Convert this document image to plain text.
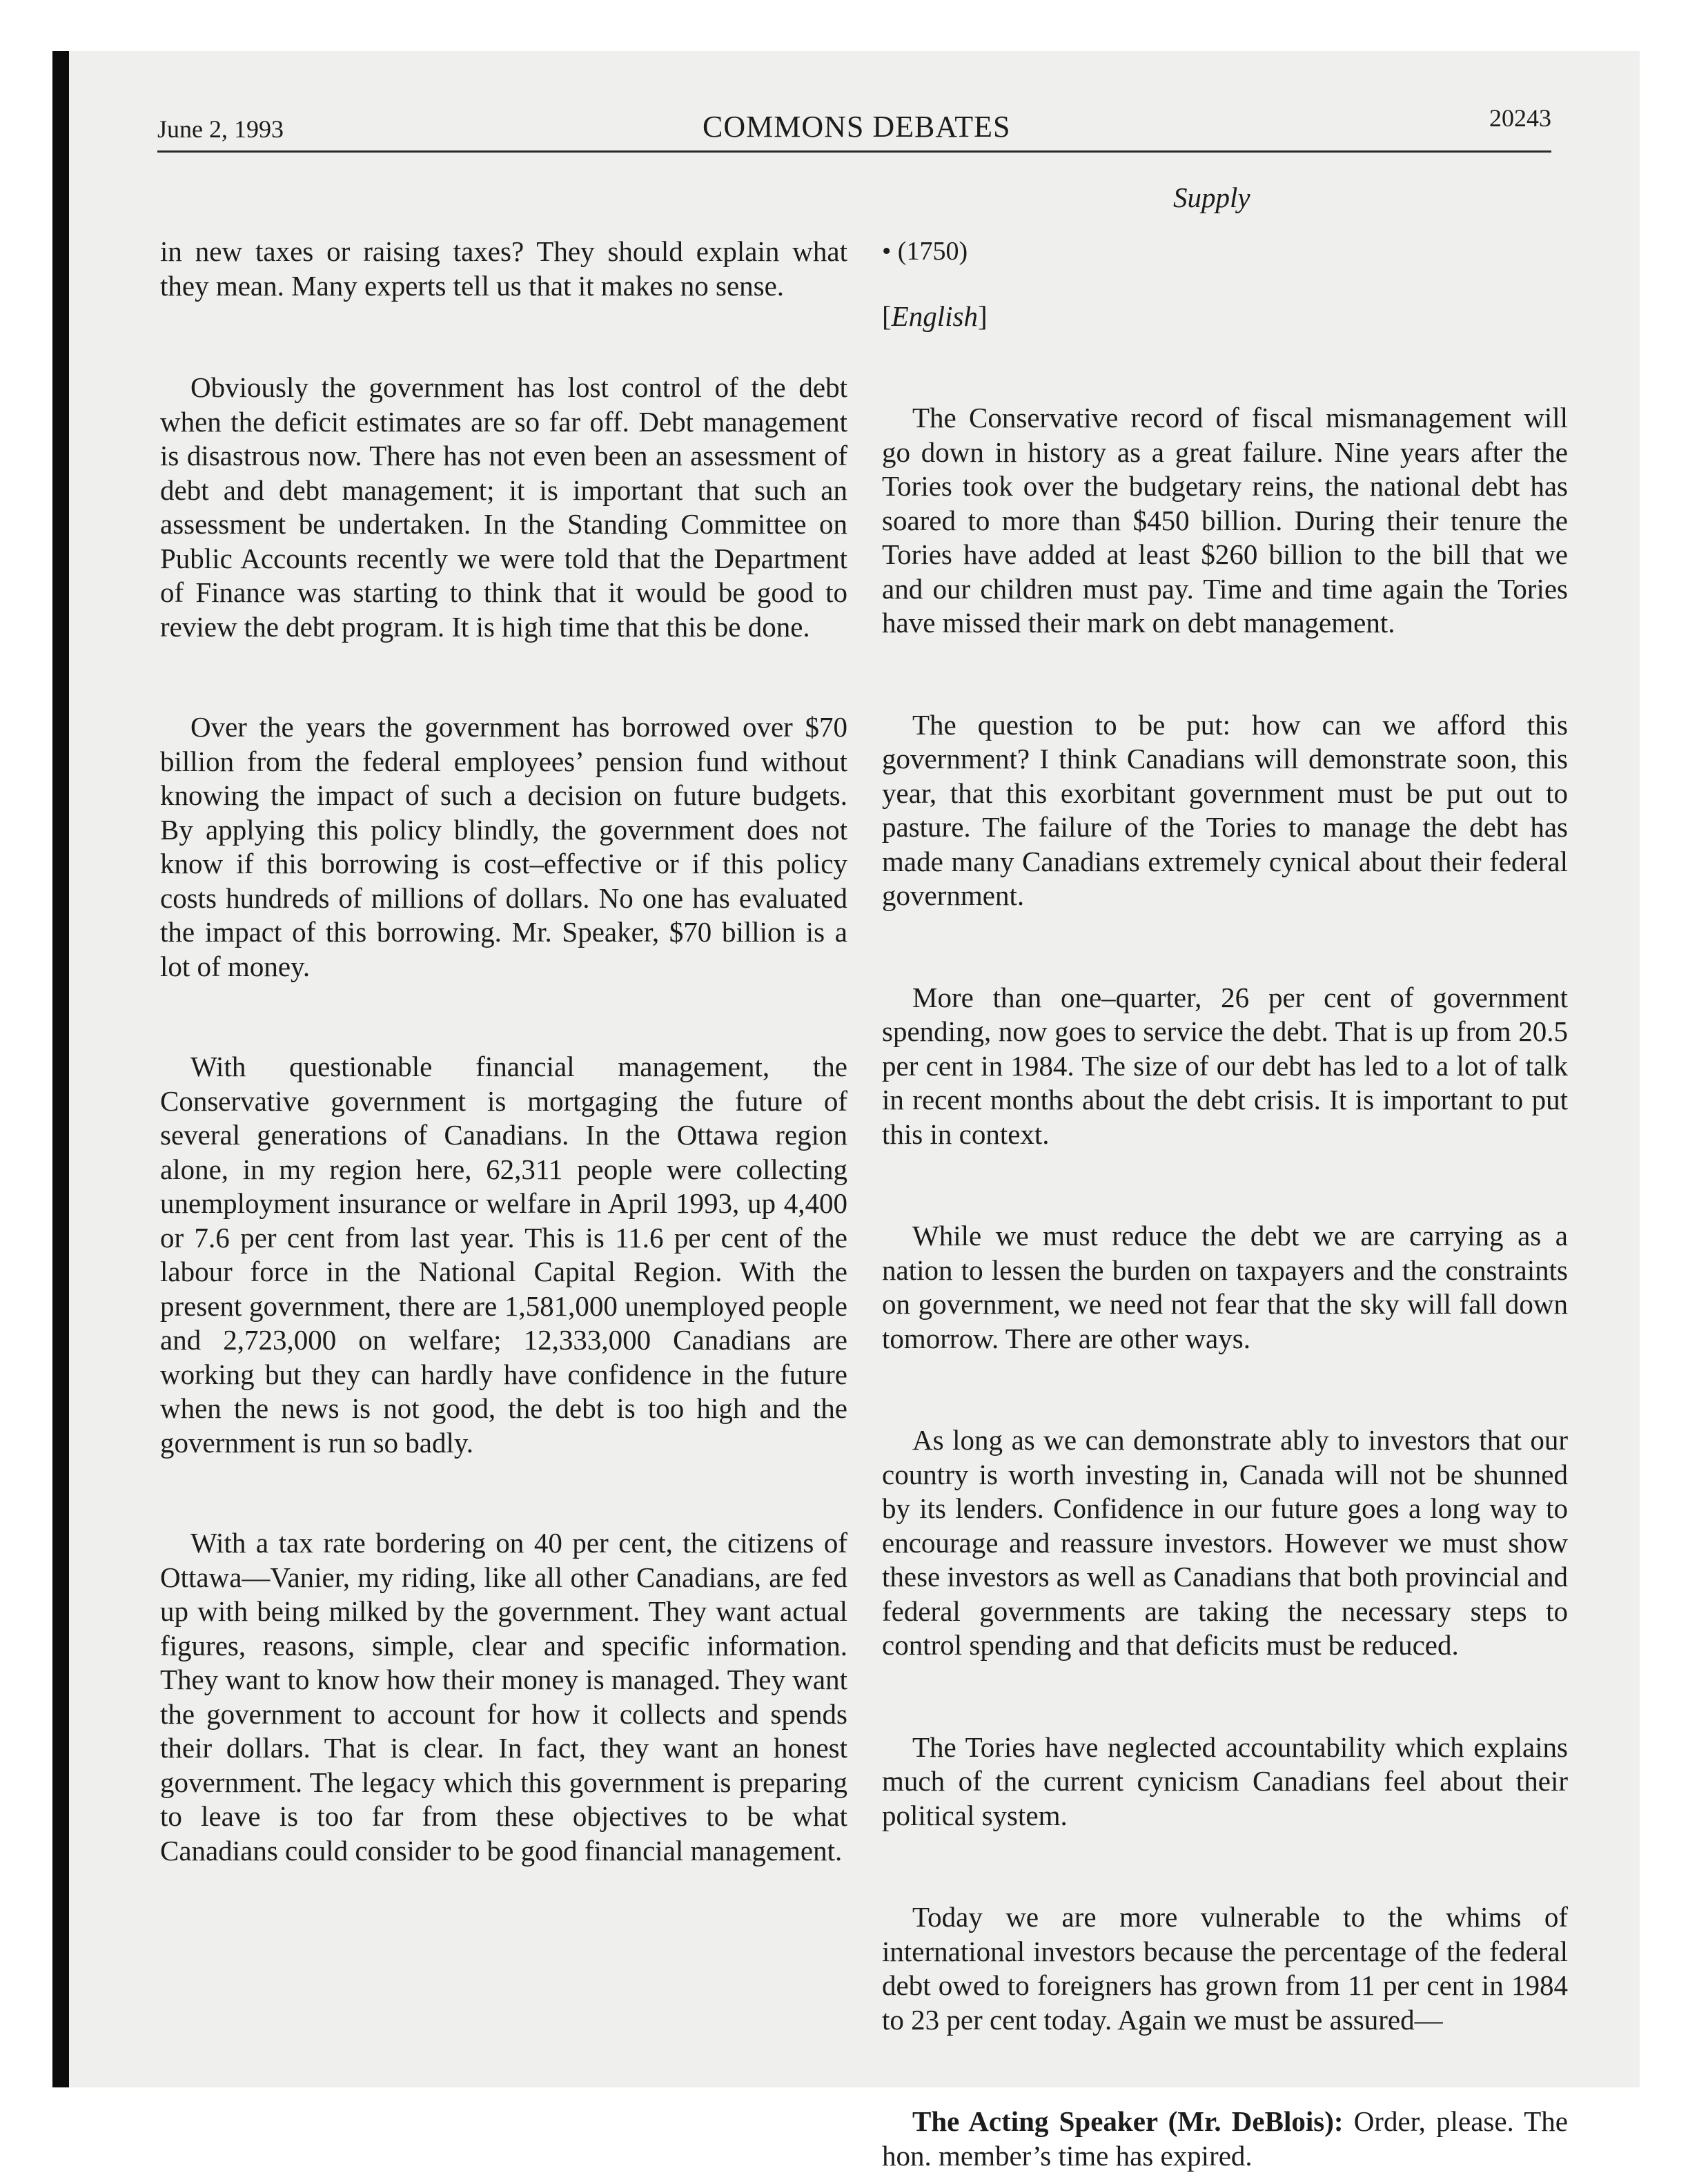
June 2, 1993	COMMONS DEBATES	20243
Supply

in new taxes or raising taxes? They should explain what they mean. Many experts tell us that it makes no sense.

Obviously the government has lost control of the debt when the deficit estimates are so far off. Debt management is disastrous now. There has not even been an assessment of debt and debt management; it is important that such an assessment be undertaken. In the Standing Committee on Public Accounts recently we were told that the Department of Finance was starting to think that it would be good to review the debt program. It is high time that this be done.

Over the years the government has borrowed over $70 billion from the federal employees’ pension fund without knowing the impact of such a decision on future budgets. By applying this policy blindly, the government does not know if this borrowing is cost–effective or if this policy costs hundreds of millions of dollars. No one has evaluated the impact of this borrowing. Mr. Speaker, $70 billion is a lot of money.

With questionable financial management, the Conservative government is mortgaging the future of several generations of Canadians. In the Ottawa region alone, in my region here, 62,311 people were collecting unemployment insurance or welfare in April 1993, up 4,400 or 7.6 per cent from last year. This is 11.6 per cent of the labour force in the National Capital Region. With the present government, there are 1,581,000 unemployed people and 2,723,000 on welfare; 12,333,000 Canadians are working but they can hardly have confidence in the future when the news is not good, the debt is too high and the government is run so badly.

With a tax rate bordering on 40 per cent, the citizens of Ottawa—Vanier, my riding, like all other Canadians, are fed up with being milked by the government. They want actual figures, reasons, simple, clear and specific information. They want to know how their money is managed. They want the government to account for how it collects and spends their dollars. That is clear. In fact, they want an honest government. The legacy which this government is preparing to leave is too far from these objectives to be what Canadians could consider to be good financial management.

• (1750)

[English]

The Conservative record of fiscal mismanagement will go down in history as a great failure. Nine years after the Tories took over the budgetary reins, the national debt has soared to more than $450 billion. During their tenure the Tories have added at least $260 billion to the bill that we and our children must pay. Time and time again the Tories have missed their mark on debt management.

The question to be put: how can we afford this government? I think Canadians will demonstrate soon, this year, that this exorbitant government must be put out to pasture. The failure of the Tories to manage the debt has made many Canadians extremely cynical about their federal government.

More than one–quarter, 26 per cent of government spending, now goes to service the debt. That is up from 20.5 per cent in 1984. The size of our debt has led to a lot of talk in recent months about the debt crisis. It is important to put this in context.

While we must reduce the debt we are carrying as a nation to lessen the burden on taxpayers and the constraints on government, we need not fear that the sky will fall down tomorrow. There are other ways.

As long as we can demonstrate ably to investors that our country is worth investing in, Canada will not be shunned by its lenders. Confidence in our future goes a long way to encourage and reassure investors. However we must show these investors as well as Canadians that both provincial and federal governments are taking the necessary steps to control spending and that deficits must be reduced.

The Tories have neglected accountability which explains much of the current cynicism Canadians feel about their political system.

Today we are more vulnerable to the whims of international investors because the percentage of the federal debt owed to foreigners has grown from 11 per cent in 1984 to 23 per cent today. Again we must be assured—

The Acting Speaker (Mr. DeBlois): Order, please. The hon. member’s time has expired.
